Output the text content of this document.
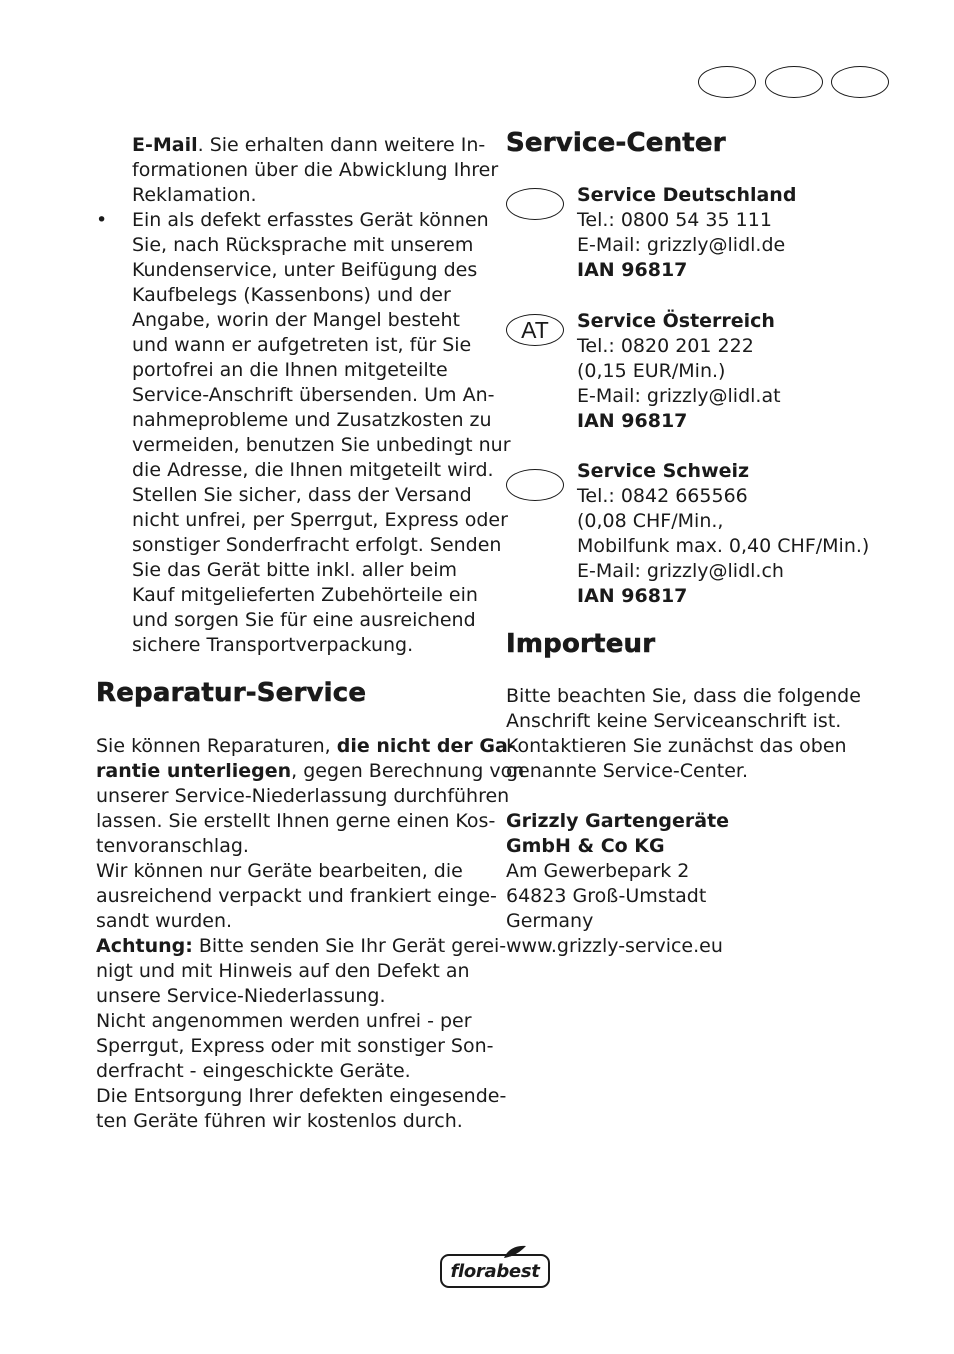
E-Mail. Sie erhalten dann weitere In-
formationen über die Abwicklung Ihrer
Reklamation.
• Ein als defekt erfasstes Gerät können
Sie, nach Rücksprache mit unserem
Kundenservice, unter Beifügung des
Kaufbelegs (Kassenbons) und der
Angabe, worin der Mangel besteht
und wann er aufgetreten ist, für Sie
portofrei an die Ihnen mitgeteilte
Service-Anschrift übersenden. Um An-
nahmeprobleme und Zusatzkosten zu
vermeiden, benutzen Sie unbedingt nur
die Adresse, die Ihnen mitgeteilt wird.
Stellen Sie sicher, dass der Versand
nicht unfrei, per Sperrgut, Express oder
sonstiger Sonderfracht erfolgt. Senden
Sie das Gerät bitte inkl. aller beim
Kauf mitgelieferten Zubehörteile ein
und sorgen Sie für eine ausreichend
sichere Transportverpackung.
Reparatur-Service
Sie können Reparaturen, die nicht der Ga-
rantie unterliegen, gegen Berechnung von
unserer Service-Niederlassung durchführen
lassen. Sie erstellt Ihnen gerne einen Kos-
tenvoranschlag.
Wir können nur Geräte bearbeiten, die
ausreichend verpackt und frankiert einge-
sandt wurden.
Achtung: Bitte senden Sie Ihr Gerät gerei-
nigt und mit Hinweis auf den Defekt an
unsere Service-Niederlassung.
Nicht angenommen werden unfrei - per
Sperrgut, Express oder mit sonstiger Son-
derfracht - eingeschickte Geräte.
Die Entsorgung Ihrer defekten eingesende-
ten Geräte führen wir kostenlos durch.
Service-Center
Service Deutschland
Tel.: 0800 54 35 111
E-Mail: grizzly@lidl.de
IAN 96817
AT	Service Österreich
Tel.: 0820 201 222
(0,15 EUR/Min.)
E-Mail: grizzly@lidl.at
IAN 96817
Service Schweiz
Tel.: 0842 665566
(0,08 CHF/Min.,
Mobilfunk max. 0,40 CHF/Min.)
E-Mail: grizzly@lidl.ch
IAN 96817
Importeur
Bitte beachten Sie, dass die folgende
Anschrift keine Serviceanschrift ist.
Kontaktieren Sie zunächst das oben
genannte Service-Center.
Grizzly Gartengeräte
GmbH & Co KG
Am Gewerbepark 2
64823 Groß-Umstadt
Germany
www.grizzly-service.eu
florabest
